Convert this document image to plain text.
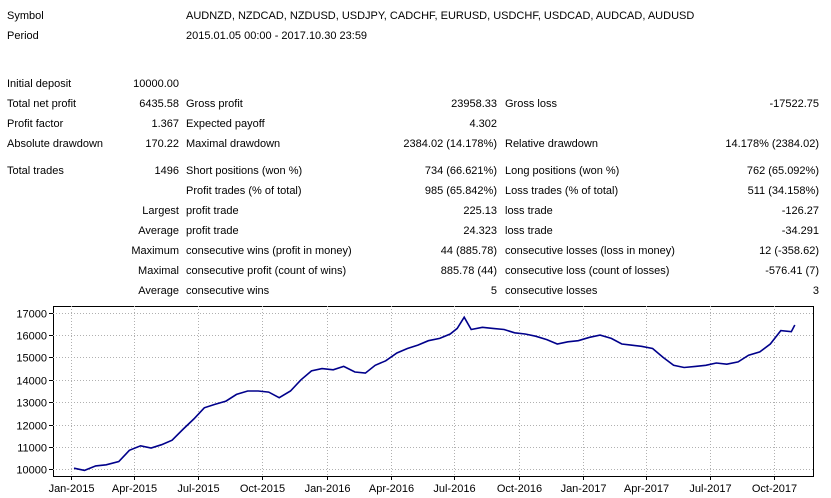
Symbol	AUDNZD, NZDCAD, NZDUSD, USDJPY, CADCHF, EURUSD, USDCHF, USDCAD, AUDCAD, AUDUSD
Period	2015.01.05 00:00 - 2017.10.30 23:59
Initial deposit	10000.00
Total net profit	6435.58 Gross profit	23958.33 Gross loss	-17522.75
Profit factor	1.367 Expected payoff	4.302
Absolute drawdown	170.22 Maximal drawdown	2384.02 (14.178%) Relative drawdown	14.178% (2384.02)
Total trades	1496 Short positions (won %)	734 (66.621%) Long positions (won %)	762 (65.092%)
Profit trades (% of total)	985 (65.842%) Loss trades (% of total)	511 (34.158%)
Largest profit trade	225.13 loss trade	-126.27
Average profit trade	24.323 loss trade	-34.291
Maximum consecutive wins (profit in money)	44 (885.78) consecutive losses (loss in money)	12 (-358.62)
Maximal consecutive profit (count of wins)	885.78 (44) consecutive loss (count of losses)	-576.41 (7)
Average consecutive wins	5 consecutive losses	3
10000
11000
12000
13000
14000
15000
16000
17000
Jan-2015 Apr-2015 Jul-2015 Oct-2015 Jan-2016 Apr-2016 Jul-2016 Oct-2016 Jan-2017 Apr-2017 Jul-2017 Oct-2017
